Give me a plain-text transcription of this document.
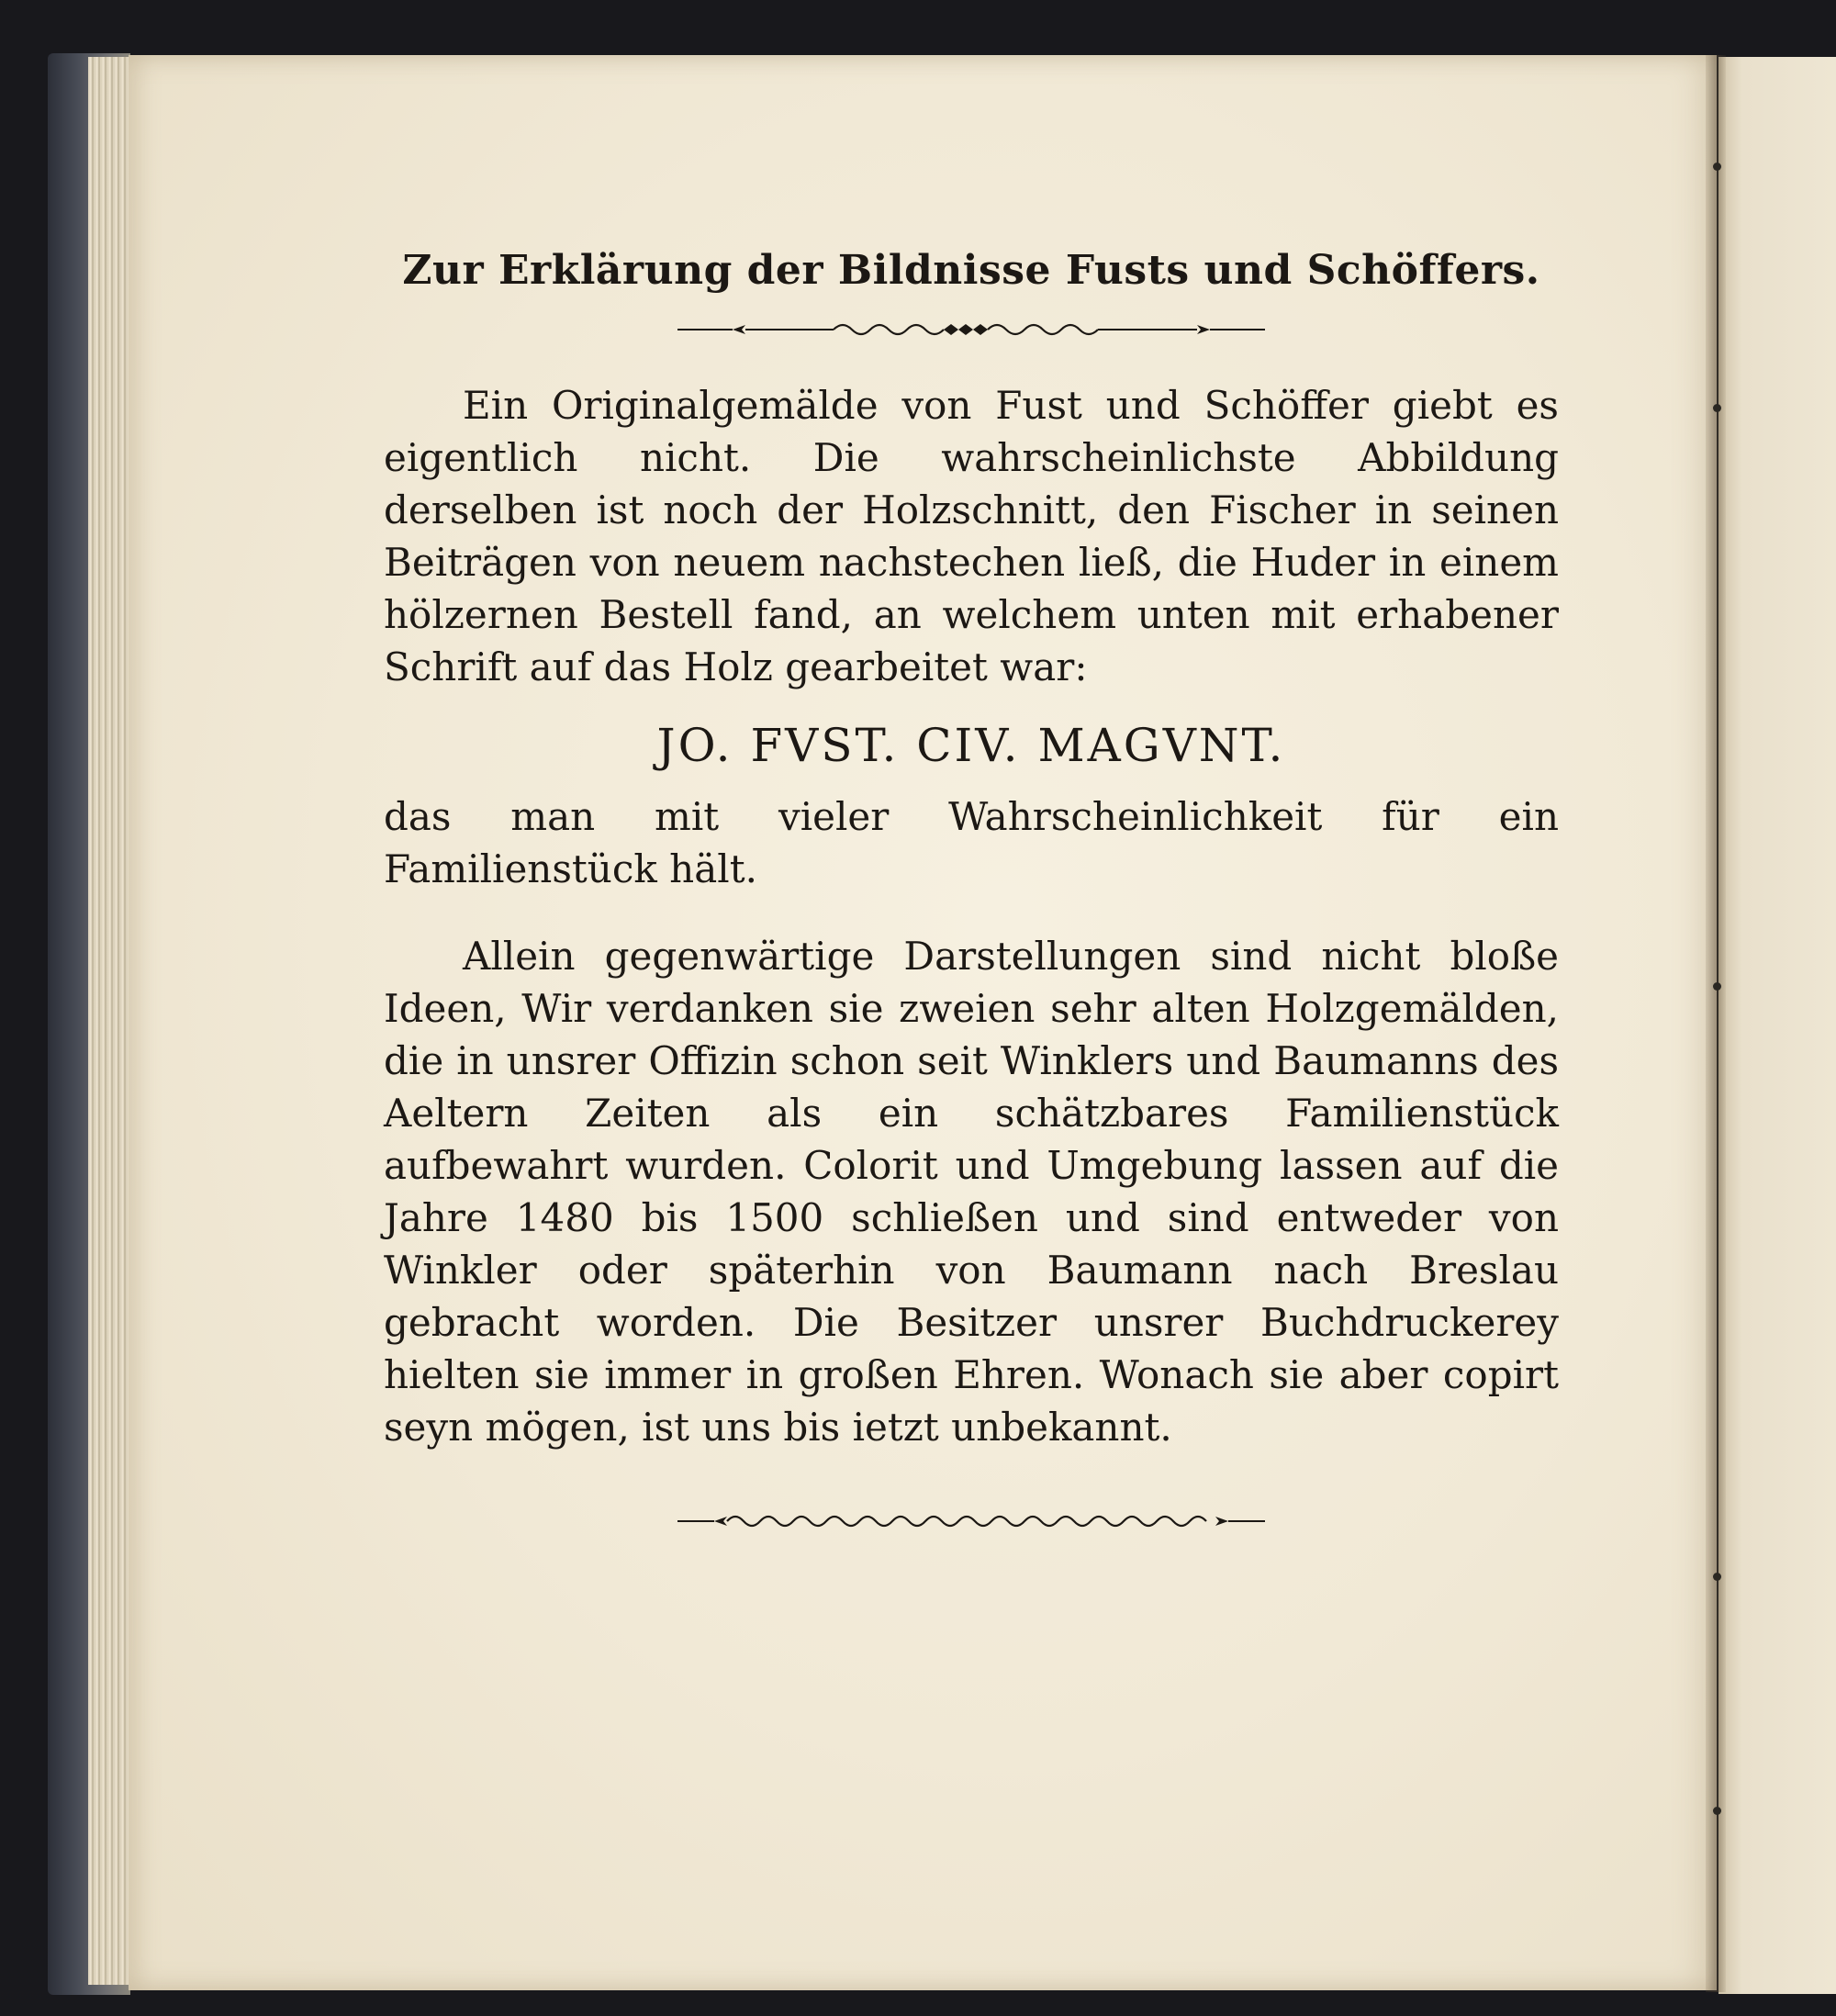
Zur Erklärung der Bildnisse Fusts und Schöffers.

Ein Originalgemälde von Fust und Schöffer giebt es eigentlich nicht. Die wahrscheinlichste Abbildung derselben ist noch der Holzschnitt, den Fischer in seinen Beiträgen von neuem nachstechen ließ, die Huder in einem hölzernen Bestell fand, an welchem unten mit erhabener Schrift auf das Holz gearbeitet war:

JO. FVST. CIV. MAGVNT.

das man mit vieler Wahrscheinlichkeit für ein Familienstück hält.

Allein gegenwärtige Darstellungen sind nicht bloße Ideen, Wir verdanken sie zweien sehr alten Holzgemälden, die in unsrer Offizin schon seit Winklers und Baumanns des Aeltern Zeiten als ein schätzbares Familienstück aufbewahrt wurden. Colorit und Umgebung lassen auf die Jahre 1480 bis 1500 schließen und sind entweder von Winkler oder späterhin von Baumann nach Breslau gebracht worden. Die Besitzer unsrer Buchdruckerey hielten sie immer in großen Ehren. Wonach sie aber copirt seyn mögen, ist uns bis ietzt unbekannt.
